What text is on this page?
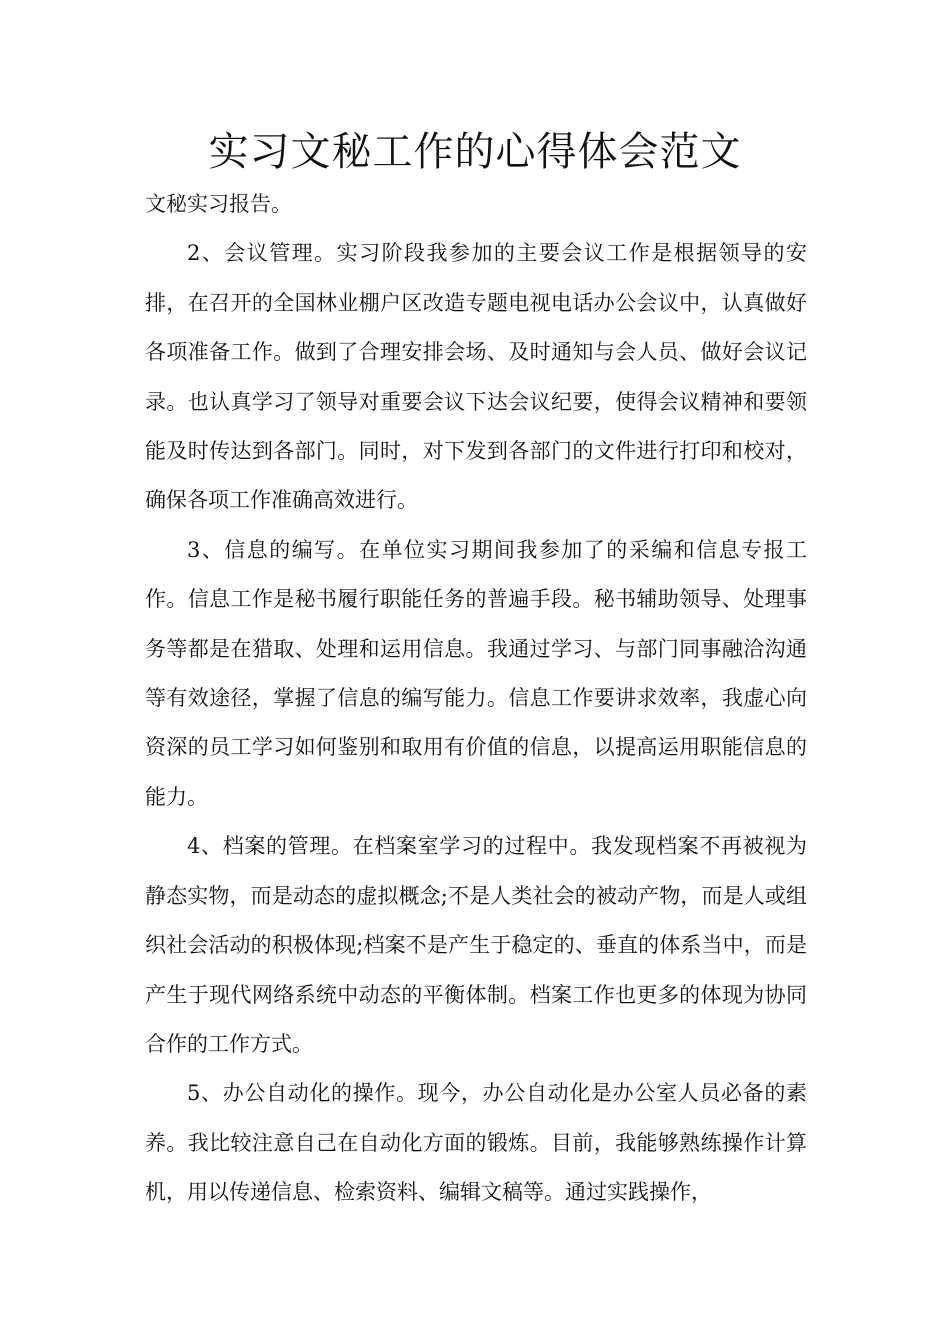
实习文秘工作的心得体会范文

文秘实习报告。

2、会议管理。实习阶段我参加的主要会议工作是根据领导的安排，在召开的全国林业棚户区改造专题电视电话办公会议中，认真做好各项准备工作。做到了合理安排会场、及时通知与会人员、做好会议记录。也认真学习了领导对重要会议下达会议纪要，使得会议精神和要领能及时传达到各部门。同时，对下发到各部门的文件进行打印和校对，确保各项工作准确高效进行。

3、信息的编写。在单位实习期间我参加了的采编和信息专报工作。信息工作是秘书履行职能任务的普遍手段。秘书辅助领导、处理事务等都是在猎取、处理和运用信息。我通过学习、与部门同事融洽沟通等有效途径，掌握了信息的编写能力。信息工作要讲求效率，我虚心向资深的员工学习如何鉴别和取用有价值的信息，以提高运用职能信息的能力。

4、档案的管理。在档案室学习的过程中。我发现档案不再被视为静态实物，而是动态的虚拟概念;不是人类社会的被动产物，而是人或组织社会活动的积极体现;档案不是产生于稳定的、垂直的体系当中，而是产生于现代网络系统中动态的平衡体制。档案工作也更多的体现为协同合作的工作方式。

5、办公自动化的操作。现今，办公自动化是办公室人员必备的素养。我比较注意自己在自动化方面的锻炼。目前，我能够熟练操作计算机，用以传递信息、检索资料、编辑文稿等。通过实践操作，
